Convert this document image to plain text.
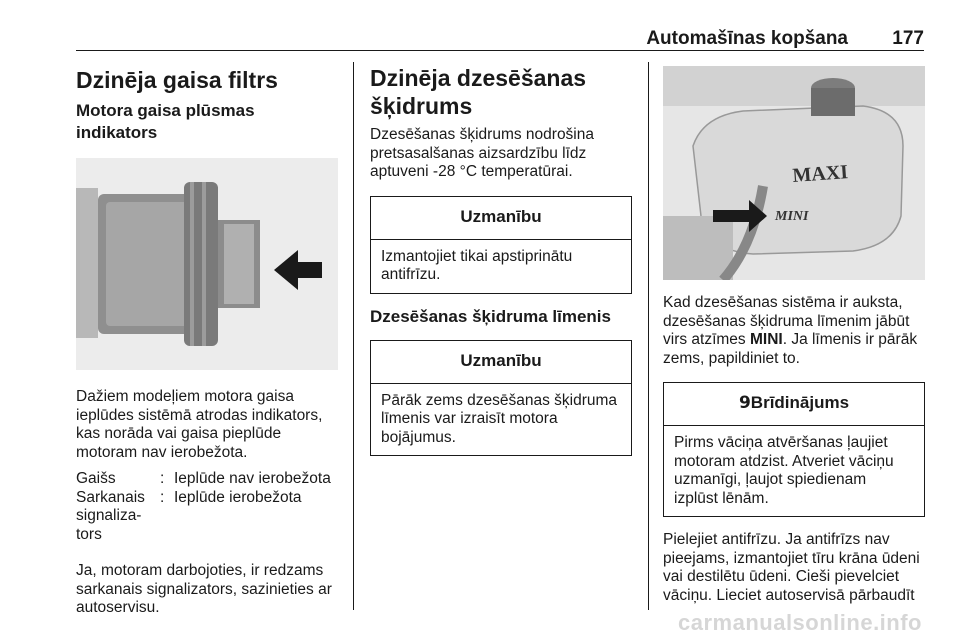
Automašīnas kopšana 177
Dzinēja gaisa filtrs
Motora gaisa plūsmas indikators

Dažiem modeļiem motora gaisa ieplūdes sistēmā atrodas indikators, kas norāda vai gaisa pieplūde motoram nav ierobežota.

Gaišs	: Ieplūde nav ierobežota
Sarkanais signaliza-tors
: Ieplūde ierobežota

Ja, motoram darbojoties, ir redzams sarkanais signalizators, sazinieties ar autoservisu.

Dzinēja dzesēšanas šķidrums

Dzesēšanas šķidrums nodrošina pretsasalšanas aizsardzību līdz aptuveni -28 °C temperatūrai.

Uzmanību
Izmantojiet tikai apstiprinātu antifrīzu.
Dzesēšanas šķidruma līmenis
Uzmanību
Pārāk zems dzesēšanas šķidruma līmenis var izraisīt motora bojājumus.
MAXI
MINI

Kad dzesēšanas sistēma ir auksta, dzesēšanas šķidruma līmenim jābūt virs atzīmes MINI. Ja līmenis ir pārāk zems, papildiniet to.

9Brīdinājums
Pirms vāciņa atvēršanas ļaujiet motoram atdzist. Atveriet vāciņu uzmanīgi, ļaujot spiedienam izplūst lēnām.

Pielejiet antifrīzu. Ja antifrīzs nav pieejams, izmantojiet tīru krāna ūdeni vai destilētu ūdeni. Cieši pievelciet vāciņu. Lieciet autoservisā pārbaudīt

carmanualsonline.info
